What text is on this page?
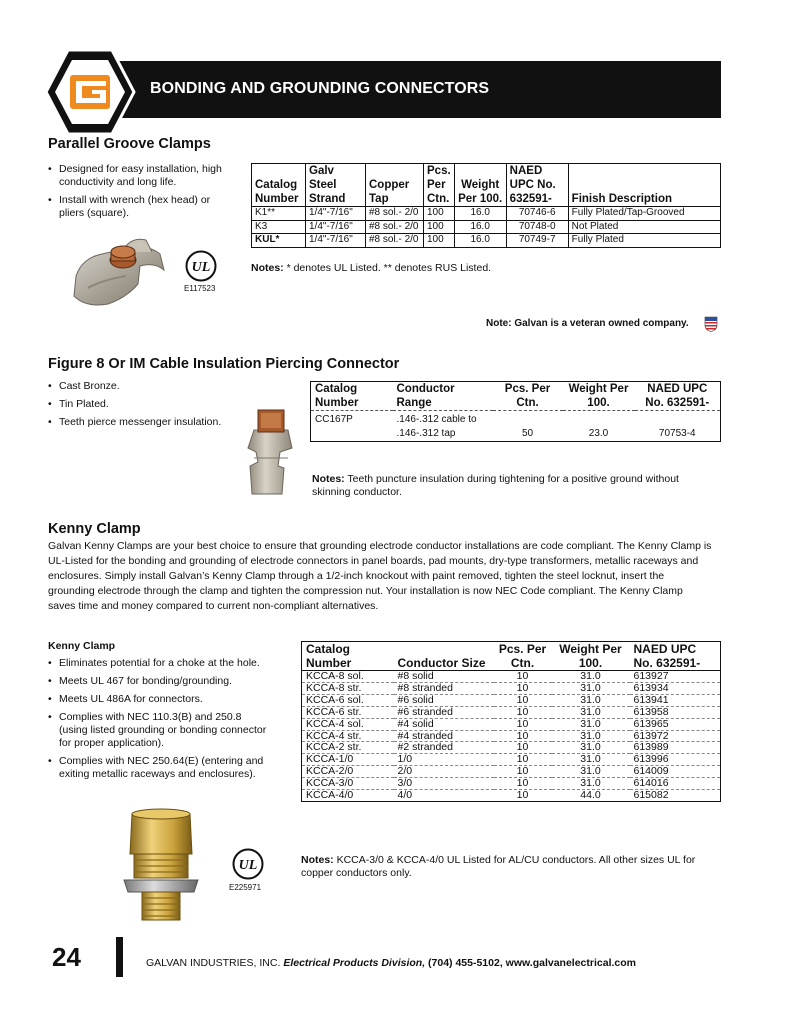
BONDING AND GROUNDING CONNECTORS
Parallel Groove Clamps
• Designed for easy installation, high conductivity and long life.
• Install with wrench (hex head) or pliers (square).
UL
E117523
Catalog Number	Galv Steel Strand	Copper Tap	Pcs. Per Ctn.	Weight Per 100.	NAED UPC No. 632591-	Finish Description
K1**	1/4"-7/16"	#8 sol.- 2/0	100	16.0	70746-6	Fully Plated/Tap-Grooved
K3	1/4"-7/16"	#8 sol.- 2/0	100	16.0	70748-0	Not Plated
KUL*	1/4"-7/16"	#8 sol.- 2/0	100	16.0	70749-7	Fully Plated
Notes: * denotes UL Listed. ** denotes RUS Listed.
Note: Galvan is a veteran owned company.
Figure 8 Or IM Cable Insulation Piercing Connector
• Cast Bronze.
• Tin Plated.
• Teeth pierce messenger insulation.
Catalog Number	Conductor Range	Pcs. Per Ctn.	Weight Per 100.	NAED UPC No. 632591-
CC167P	.146-.312 cable to
.146-.312 tap	50	23.0	70753-4
Notes: Teeth puncture insulation during tightening for a positive ground without skinning conductor.
Kenny Clamp
Galvan Kenny Clamps are your best choice to ensure that grounding electrode conductor installations are code compliant. The Kenny Clamp is UL-Listed for the bonding and grounding of electrode connectors in panel boards, pad mounts, dry-type transformers, metallic raceways and enclosures. Simply install Galvan’s Kenny Clamp through a 1/2-inch knockout with paint removed, tighten the steel locknut, insert the grounding electrode through the clamp and tighten the compression nut. Your installation is now NEC Code compliant. The Kenny Clamp saves time and money compared to current non-compliant alternatives.
Kenny Clamp
• Eliminates potential for a choke at the hole.
• Meets UL 467 for bonding/grounding.
• Meets UL 486A for connectors.
• Complies with NEC 110.3(B) and 250.8 (using listed grounding or bonding connector for proper application).
• Complies with NEC 250.64(E) (entering and exiting metallic raceways and enclosures).
UL
E225971
Catalog Number	Conductor Size	Pcs. Per Ctn.	Weight Per 100.	NAED UPC No. 632591-
KCCA-8 sol.	#8 solid	10	31.0	613927
KCCA-8 str.	#8 stranded	10	31.0	613934
KCCA-6 sol.	#6 solid	10	31.0	613941
KCCA-6 str.	#6 stranded	10	31.0	613958
KCCA-4 sol.	#4 solid	10	31.0	613965
KCCA-4 str.	#4 stranded	10	31.0	613972
KCCA-2 str.	#2 stranded	10	31.0	613989
KCCA-1/0	1/0	10	31.0	613996
KCCA-2/0	2/0	10	31.0	614009
KCCA-3/0	3/0	10	31.0	614016
KCCA-4/0	4/0	10	44.0	615082
Notes: KCCA-3/0 & KCCA-4/0 UL Listed for AL/CU conductors. All other sizes UL for copper conductors only.
24	GALVAN INDUSTRIES, INC. Electrical Products Division, (704) 455-5102, www.galvanelectrical.com
